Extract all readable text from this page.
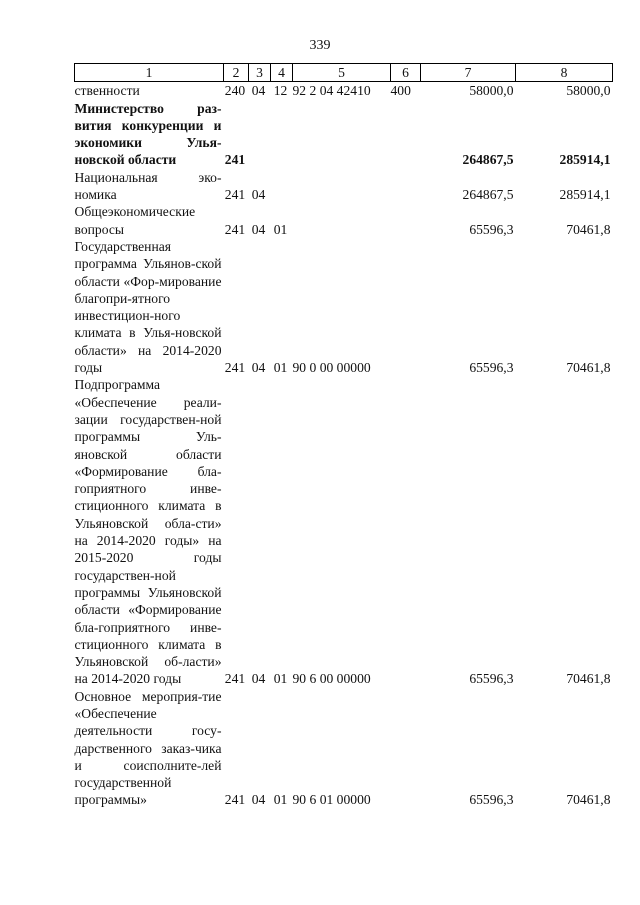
339
1	2	3	4	5	6	7	8
ственности	240	04	12	92 2 04 42410	400	58000,0	58000,0
Министерство раз-вития конкуренции и экономики Улья-новской области	241					264867,5	285914,1
Национальная эко-номика	241	04				264867,5	285914,1
Общеэкономические вопросы	241	04	01			65596,3	70461,8
Государственная программа Ульянов-ской области «Фор-мирование благопри-ятного инвестицион-ного климата в Улья-новской области» на 2014-2020 годы	241	04	01	90 0 00 00000		65596,3	70461,8
Подпрограмма «Обеспечение реали-зации государствен-ной программы Уль-яновской области «Формирование бла-гоприятного инве-стиционного климата в Ульяновской обла-сти» на 2014-2020 годы» на 2015-2020 годы государствен-ной программы Ульяновской области «Формирование бла-гоприятного инве-стиционного климата в Ульяновской об-ласти» на 2014-2020 годы	241	04	01	90 6 00 00000		65596,3	70461,8
Основное мероприя-тие «Обеспечение деятельности госу-дарственного заказ-чика и соисполните-лей государственной программы»	241	04	01	90 6 01 00000		65596,3	70461,8
